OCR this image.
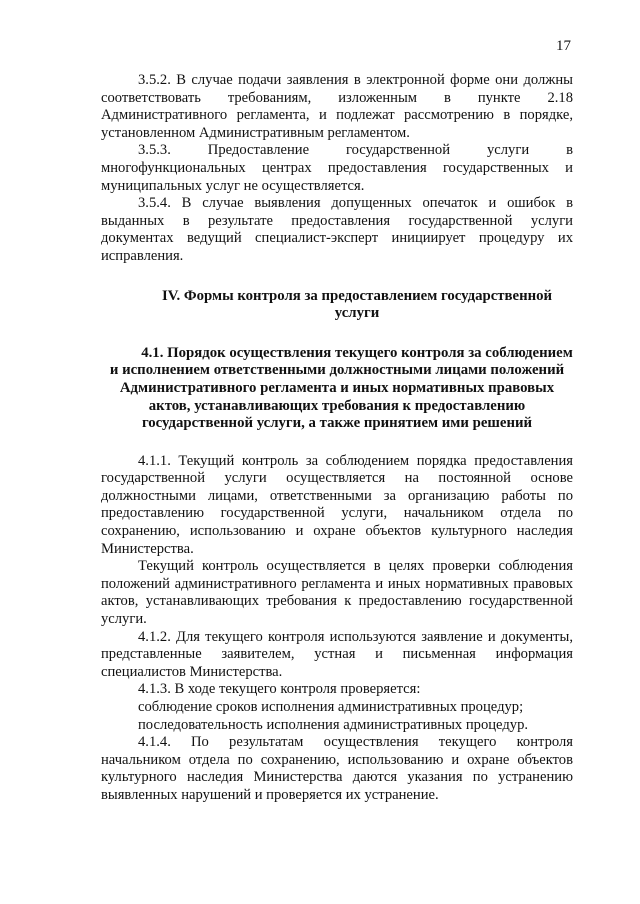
17

3.5.2. В случае подачи заявления в электронной форме они должны соответствовать требованиям, изложенным в пункте 2.18 Административного регламента, и подлежат рассмотрению в порядке, установленном Административным регламентом.

3.5.3. Предоставление государственной услуги в многофункциональных центрах предоставления государственных и муниципальных услуг не осуществляется.

3.5.4. В случае выявления допущенных опечаток и ошибок в выданных в результате предоставления государственной услуги документах ведущий специалист-эксперт инициирует процедуру их исправления.

IV. Формы контроля за предоставлением государственной услуги
4.1. Порядок осуществления текущего контроля за соблюдением
и исполнением ответственными должностными лицами положений Административного регламента и иных нормативных правовых актов, устанавливающих требования к предоставлению государственной услуги, а также принятием ими решений

4.1.1. Текущий контроль за соблюдением порядка предоставления государственной услуги осуществляется на постоянной основе должностными лицами, ответственными за организацию работы по предоставлению государственной услуги, начальником отдела по сохранению, использованию и охране объектов культурного наследия Министерства.

Текущий контроль осуществляется в целях проверки соблюдения положений административного регламента и иных нормативных правовых актов, устанавливающих требования к предоставлению государственной услуги.

4.1.2. Для текущего контроля используются заявление и документы, представленные заявителем, устная и письменная информация специалистов Министерства.

4.1.3. В ходе текущего контроля проверяется:

соблюдение сроков исполнения административных процедур;

последовательность исполнения административных процедур.

4.1.4. По результатам осуществления текущего контроля начальником отдела по сохранению, использованию и охране объектов культурного наследия Министерства даются указания по устранению выявленных нарушений и проверяется их устранение.
